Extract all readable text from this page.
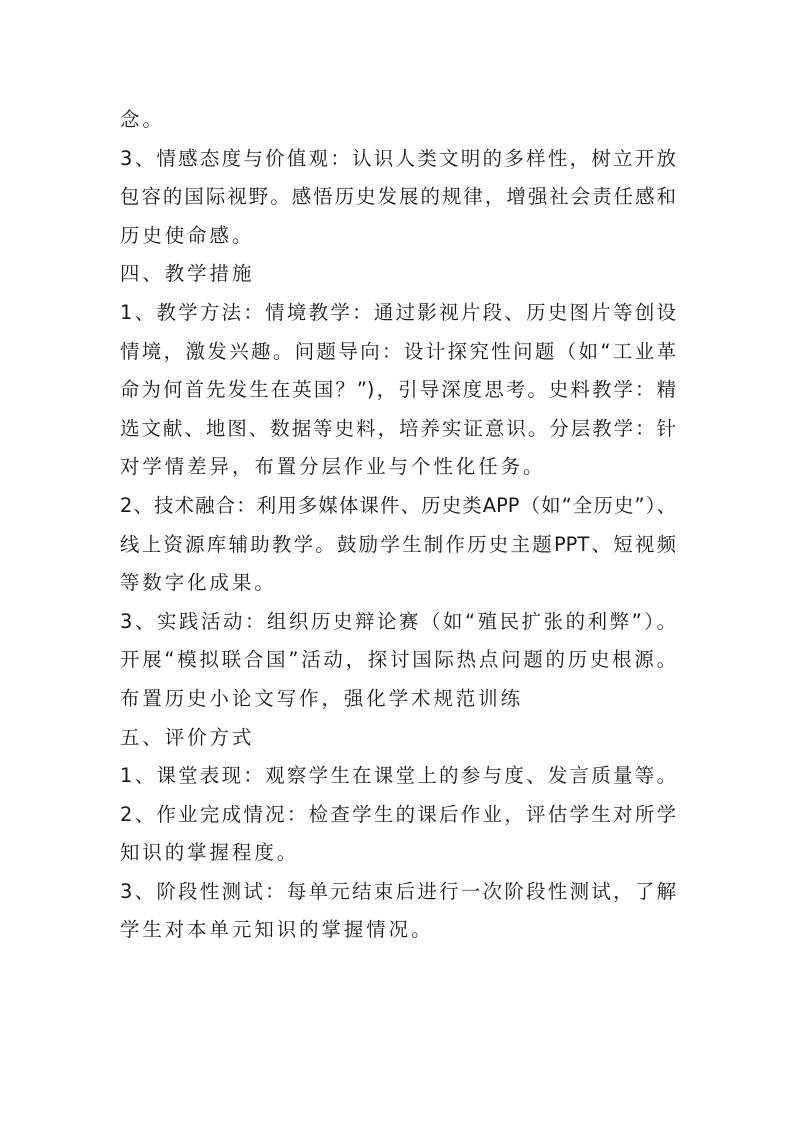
念。
3、情感态度与价值观：认识人类文明的多样性，树立开放
包容的国际视野。感悟历史发展的规律，增强社会责任感和
历史使命感。
四、教学措施
1、教学方法：情境教学：通过影视片段、历史图片等创设
情境，激发兴趣。问题导向：设计探究性问题（如“工业革
命为何首先发生在英国？”)，引导深度思考。史料教学：精
选文献、地图、数据等史料，培养实证意识。分层教学：针
对学情差异，布置分层作业与个性化任务。
2、技术融合：利用多媒体课件、历史类APP（如“全历史”）、
线上资源库辅助教学。鼓励学生制作历史主题PPT、短视频
等数字化成果。
3、实践活动：组织历史辩论赛（如“殖民扩张的利弊”）。
开展“模拟联合国”活动，探讨国际热点问题的历史根源。
布置历史小论文写作，强化学术规范训练
五、评价方式
1、课堂表现：观察学生在课堂上的参与度、发言质量等。
2、作业完成情况：检查学生的课后作业，评估学生对所学
知识的掌握程度。
3、阶段性测试：每单元结束后进行一次阶段性测试，了解
学生对本单元知识的掌握情况。
